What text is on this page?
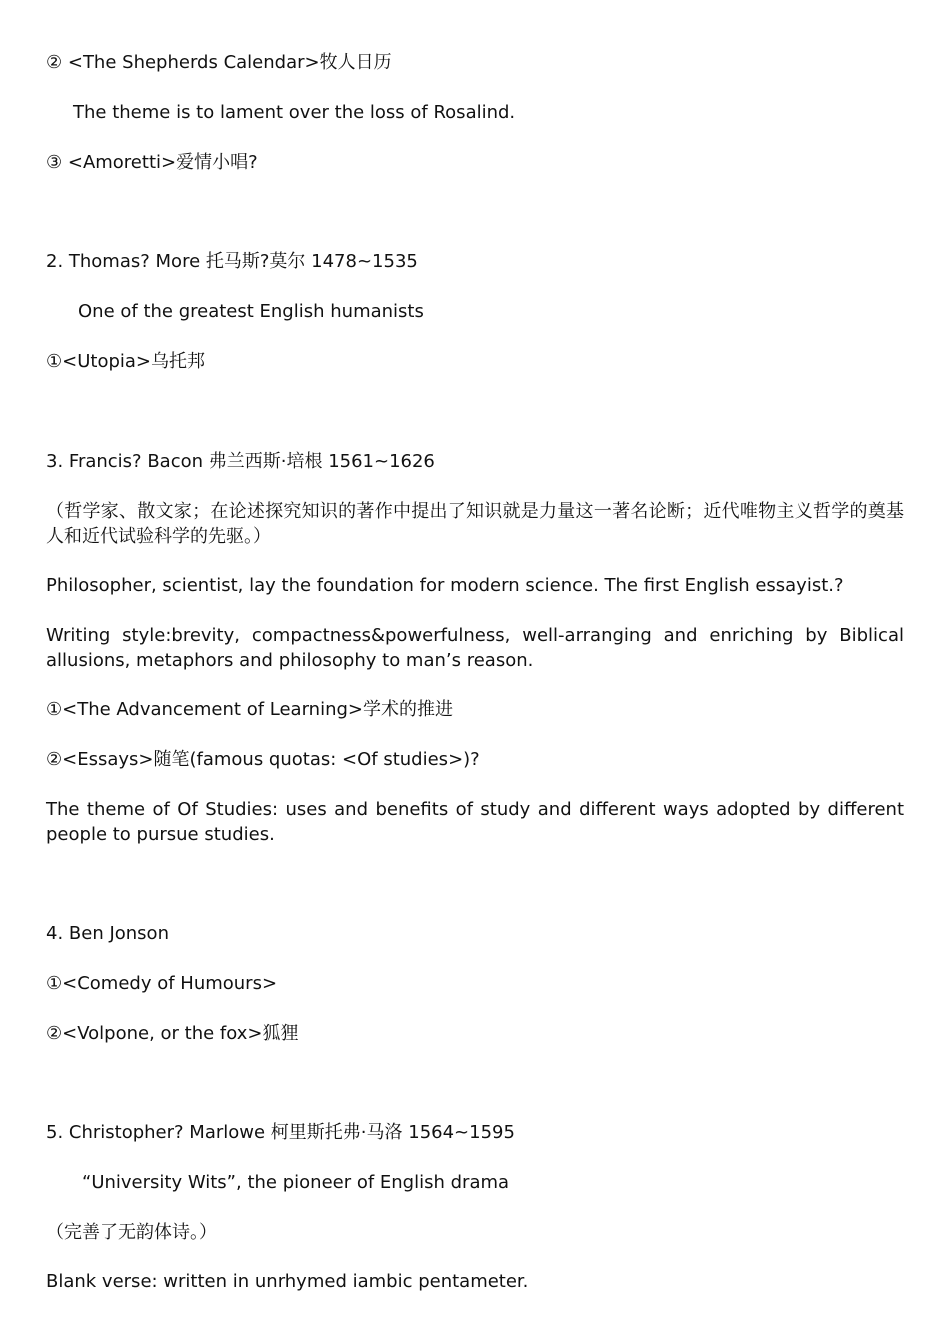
② <The Shepherds Calendar>牧人日历
The theme is to lament over the loss of Rosalind.
③ <Amoretti>爱情小唱?
2. Thomas? More 托马斯?莫尔 1478~1535
One of the greatest English humanists
①<Utopia>乌托邦
3. Francis? Bacon 弗兰西斯·培根 1561~1626
（哲学家、散文家；在论述探究知识的著作中提出了知识就是力量这一著名论断；近代唯物主义哲学的奠基人和近代试验科学的先驱。）
Philosopher, scientist, lay the foundation for modern science. The first English essayist.?
Writing style:brevity, compactness&powerfulness, well-arranging and enriching by Biblical allusions, metaphors and philosophy to man’s reason.
①<The Advancement of Learning>学术的推进
②<Essays>随笔(famous quotas: <Of studies>)?
The theme of Of Studies: uses and benefits of study and different ways adopted by different people to pursue studies.
4. Ben Jonson
①<Comedy of Humours>
②<Volpone, or the fox>狐狸
5. Christopher? Marlowe 柯里斯托弗·马洛 1564~1595
“University Wits”, the pioneer of English drama
（完善了无韵体诗。）
Blank verse: written in unrhymed iambic pentameter.
